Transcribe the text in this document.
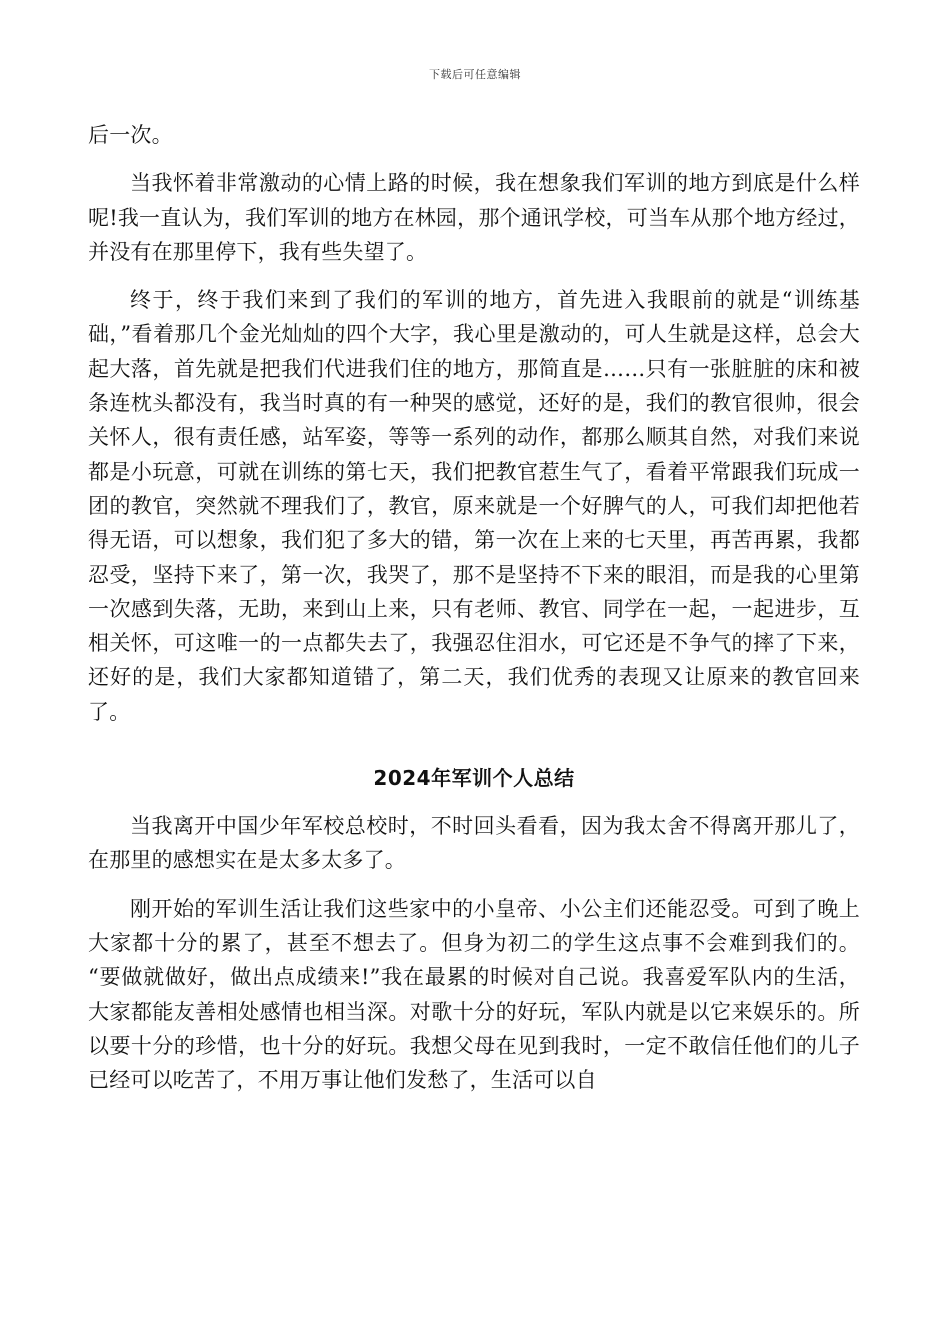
下载后可任意编辑

后一次。

当我怀着非常激动的心情上路的时候，我在想象我们军训的地方到底是什么样呢!我一直认为，我们军训的地方在林园，那个通讯学校，可当车从那个地方经过，并没有在那里停下，我有些失望了。

终于，终于我们来到了我们的军训的地方，首先进入我眼前的就是“训练基础，”看着那几个金光灿灿的四个大字，我心里是激动的，可人生就是这样，总会大起大落，首先就是把我们代进我们住的地方，那简直是……只有一张脏脏的床和被条连枕头都没有，我当时真的有一种哭的感觉，还好的是，我们的教官很帅，很会关怀人，很有责任感，站军姿，等等一系列的动作，都那么顺其自然，对我们来说都是小玩意，可就在训练的第七天，我们把教官惹生气了，看着平常跟我们玩成一团的教官，突然就不理我们了，教官，原来就是一个好脾气的人，可我们却把他若得无语，可以想象，我们犯了多大的错，第一次在上来的七天里，再苦再累，我都忍受，坚持下来了，第一次，我哭了，那不是坚持不下来的眼泪，而是我的心里第一次感到失落，无助，来到山上来，只有老师、教官、同学在一起，一起进步，互相关怀，可这唯一的一点都失去了，我强忍住泪水，可它还是不争气的摔了下来，还好的是，我们大家都知道错了，第二天，我们优秀的表现又让原来的教官回来了。

2024年军训个人总结

当我离开中国少年军校总校时，不时回头看看，因为我太舍不得离开那儿了，在那里的感想实在是太多太多了。

刚开始的军训生活让我们这些家中的小皇帝、小公主们还能忍受。可到了晚上大家都十分的累了，甚至不想去了。但身为初二的学生这点事不会难到我们的。 “要做就做好，做出点成绩来!”我在最累的时候对自己说。我喜爱军队内的生活，大家都能友善相处感情也相当深。对歌十分的好玩，军队内就是以它来娱乐的。所以要十分的珍惜，也十分的好玩。我想父母在见到我时，一定不敢信任他们的儿子已经可以吃苦了，不用万事让他们发愁了，生活可以自
